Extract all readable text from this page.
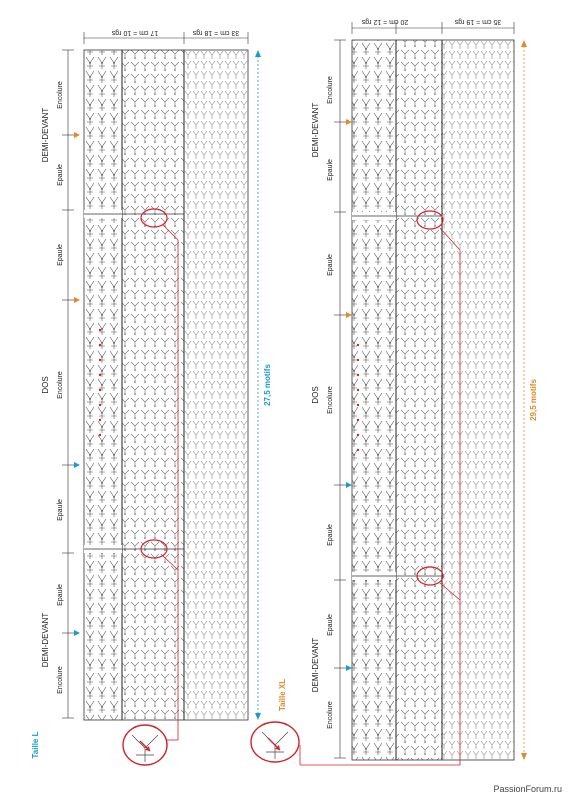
17 cm = 10 rgs	33 cm = 18 rgs
DEMI-DEVANT
Encolure
Epaule
DOS
Epaule
Encolure
Epaule
DEMI-DEVANT
Epaule
Encolure
27,5 motifs
Taille L
20 cm = 12 rgs	35 cm = 19 rgs
DEMI-DEVANT
Encolure
Epaule
DOS
Epaule
Encolure
Epaule
DEMI-DEVANT
Epaule
Encolure
29,5 motifs
Taille XL
PassionForum.ru
